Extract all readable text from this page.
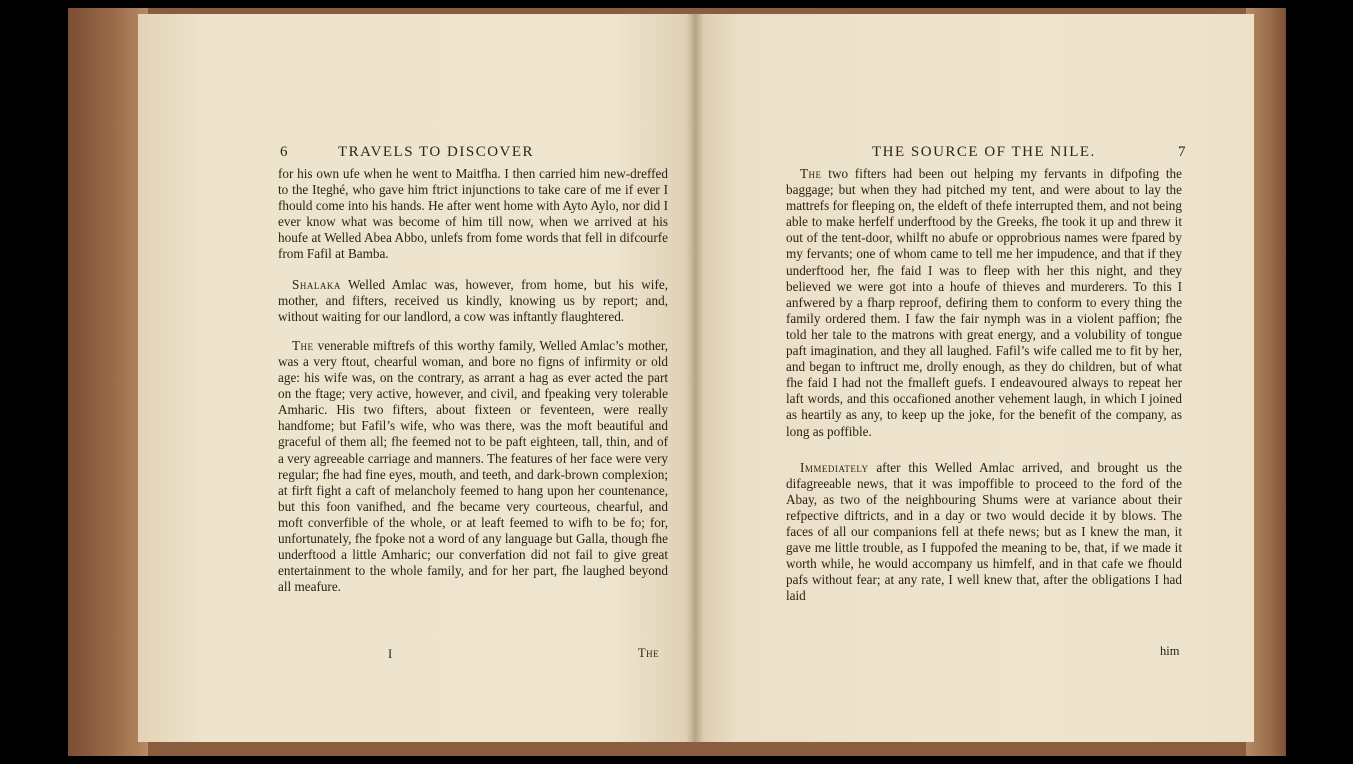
6	TRAVELS TO DISCOVER

for his own ufe when he went to Maitfha. I then carried him new-dreffed to the Iteghé, who gave him ftrict injunctions to take care of me if ever I fhould come into his hands. He after went home with Ayto Aylo, nor did I ever know what was become of him till now, when we arrived at his houfe at Welled Abea Abbo, unlefs from fome words that fell in difcourfe from Fafil at Bamba.

Shalaka Welled Amlac was, however, from home, but his wife, mother, and fifters, received us kindly, knowing us by report; and, without waiting for our landlord, a cow was inftantly flaughtered.

The venerable miftrefs of this worthy family, Welled Amlac’s mother, was a very ftout, chearful woman, and bore no figns of infirmity or old age: his wife was, on the contrary, as arrant a hag as ever acted the part on the ftage; very active, however, and civil, and fpeaking very tolerable Amharic. His two fifters, about fixteen or feventeen, were really handfome; but Fafil’s wife, who was there, was the moft beautiful and graceful of them all; fhe feemed not to be paft eighteen, tall, thin, and of a very agreeable carriage and manners. The features of her face were very regular; fhe had fine eyes, mouth, and teeth, and dark-brown complexion; at firft fight a caft of melancholy feemed to hang upon her countenance, but this foon vanifhed, and fhe became very courteous, chearful, and moft converfible of the whole, or at leaft feemed to wifh to be fo; for, unfortunately, fhe fpoke not a word of any language but Galla, though fhe underftood a little Amharic; our converfation did not fail to give great entertainment to the whole family, and for her part, fhe laughed beyond all meafure.

I	The
THE SOURCE OF THE NILE.	7

The two fifters had been out helping my fervants in difpofing the baggage; but when they had pitched my tent, and were about to lay the mattrefs for fleeping on, the eldeft of thefe interrupted them, and not being able to make herfelf underftood by the Greeks, fhe took it up and threw it out of the tent-door, whilft no abufe or opprobrious names were fpared by my fervants; one of whom came to tell me her impudence, and that if they underftood her, fhe faid I was to fleep with her this night, and they believed we were got into a houfe of thieves and murderers. To this I anfwered by a fharp reproof, defiring them to conform to every thing the family ordered them. I faw the fair nymph was in a violent paffion; fhe told her tale to the matrons with great energy, and a volubility of tongue paft imagination, and they all laughed. Fafil’s wife called me to fit by her, and began to inftruct me, drolly enough, as they do children, but of what fhe faid I had not the fmalleft guefs. I endeavoured always to repeat her laft words, and this occafioned another vehement laugh, in which I joined as heartily as any, to keep up the joke, for the benefit of the company, as long as poffible.

Immediately after this Welled Amlac arrived, and brought us the difagreeable news, that it was impoffible to proceed to the ford of the Abay, as two of the neighbouring Shums were at variance about their refpective diftricts, and in a day or two would decide it by blows. The faces of all our companions fell at thefe news; but as I knew the man, it gave me little trouble, as I fuppofed the meaning to be, that, if we made it worth while, he would accompany us himfelf, and in that cafe we fhould pafs without fear; at any rate, I well knew that, after the obligations I had laid

him
